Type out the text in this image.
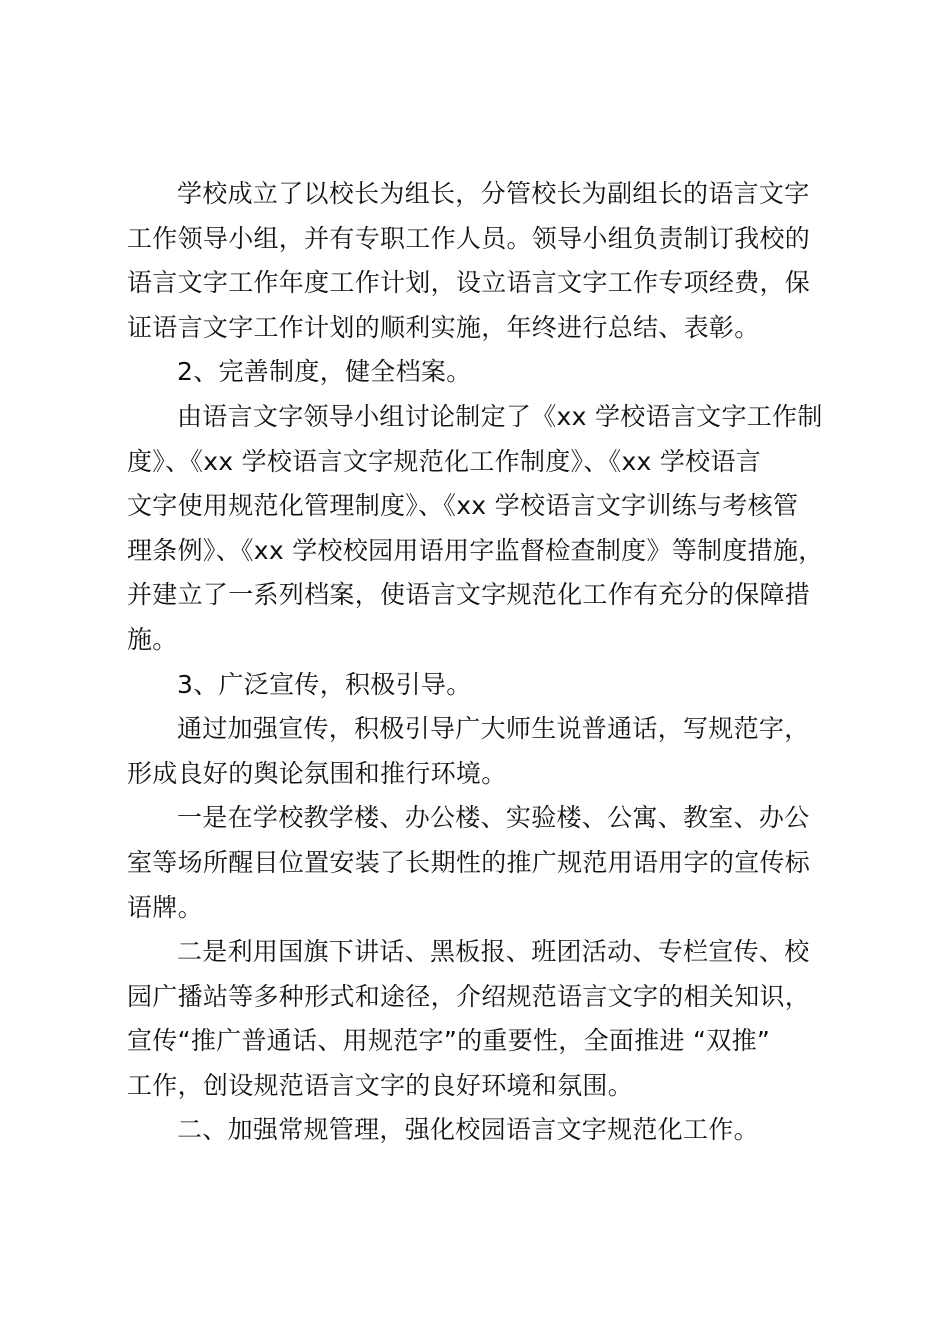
学校成立了以校长为组长，分管校长为副组长的语言文字
工作领导小组，并有专职工作人员。领导小组负责制订我校的
语言文字工作年度工作计划，设立语言文字工作专项经费，保
证语言文字工作计划的顺利实施，年终进行总结、表彰。

2、完善制度，健全档案。

由语言文字领导小组讨论制定了《xx 学校语言文字工作制
度》、《xx 学校语言文字规范化工作制度》、《xx 学校语言
文字使用规范化管理制度》、《xx 学校语言文字训练与考核管
理条例》、《xx 学校校园用语用字监督检查制度》等制度措施，
并建立了一系列档案，使语言文字规范化工作有充分的保障措
施。

3、广泛宣传，积极引导。

通过加强宣传，积极引导广大师生说普通话，写规范字，
形成良好的舆论氛围和推行环境。

一是在学校教学楼、办公楼、实验楼、公寓、教室、办公
室等场所醒目位置安装了长期性的推广规范用语用字的宣传标
语牌。

二是利用国旗下讲话、黑板报、班团活动、专栏宣传、校
园广播站等多种形式和途径，介绍规范语言文字的相关知识，
宣传“推广普通话、用规范字”的重要性，全面推进 “双推”
工作，创设规范语言文字的良好环境和氛围。

二、加强常规管理，强化校园语言文字规范化工作。
